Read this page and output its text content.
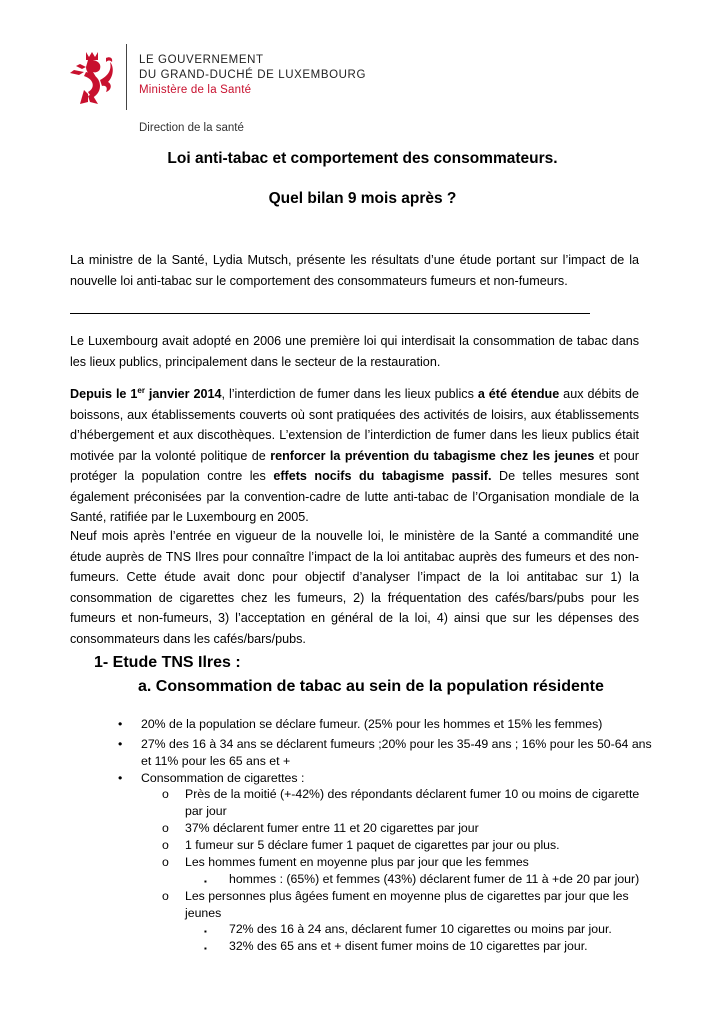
LE GOUVERNEMENT
DU GRAND-DUCHÉ DE LUXEMBOURG
Ministère de la Santé
Direction de la santé
Loi anti-tabac et comportement des consommateurs.
Quel bilan 9 mois après ?
La ministre de la Santé, Lydia Mutsch, présente les résultats d’une étude portant sur l’impact de la nouvelle loi anti-tabac sur le comportement des consommateurs fumeurs et non-fumeurs.
Le Luxembourg avait adopté en 2006 une première loi qui interdisait la consommation de tabac dans les lieux publics, principalement dans le secteur de la restauration.
Depuis le 1er janvier 2014, l’interdiction de fumer dans les lieux publics a été étendue aux débits de boissons, aux établissements couverts où sont pratiquées des activités de loisirs, aux établissements d’hébergement et aux discothèques. L’extension de l’interdiction de fumer dans les lieux publics était motivée par la volonté politique de renforcer la prévention du tabagisme chez les jeunes et pour protéger la population contre les effets nocifs du tabagisme passif. De telles mesures sont également préconisées par la convention-cadre de lutte anti-tabac de l’Organisation mondiale de la Santé, ratifiée par le Luxembourg en 2005.
Neuf mois après l’entrée en vigueur de la nouvelle loi, le ministère de la Santé a commandité une étude auprès de TNS Ilres pour connaître l’impact de la loi antitabac auprès des fumeurs et des non-fumeurs. Cette étude avait donc pour objectif d’analyser l’impact de la loi antitabac sur 1) la consommation de cigarettes chez les fumeurs, 2) la fréquentation des cafés/bars/pubs pour les fumeurs et non-fumeurs, 3) l’acceptation en général de la loi, 4) ainsi que sur les dépenses des consommateurs dans les cafés/bars/pubs.
1- Etude TNS Ilres :
a. Consommation de tabac au sein de la population résidente
• 20% de la population se déclare fumeur. (25% pour les hommes et 15% les femmes)
• 27% des 16 à 34 ans se déclarent fumeurs ;20% pour les 35-49 ans ; 16% pour les 50-64 ans
et 11% pour les 65 ans et +
• Consommation de cigarettes :
o Près de la moitié (+-42%) des répondants déclarent fumer 10 ou moins de cigarette
par jour
o 37% déclarent fumer entre 11 et 20 cigarettes par jour
o 1 fumeur sur 5 déclare fumer 1 paquet de cigarettes par jour ou plus.
o Les hommes fument en moyenne plus par jour que les femmes
▪ hommes : (65%) et femmes (43%) déclarent fumer de 11 à +de 20 par jour)
o Les personnes plus âgées fument en moyenne plus de cigarettes par jour que les
jeunes
▪ 72% des 16 à 24 ans, déclarent fumer 10 cigarettes ou moins par jour.
▪ 32% des 65 ans et + disent fumer moins de 10 cigarettes par jour.
